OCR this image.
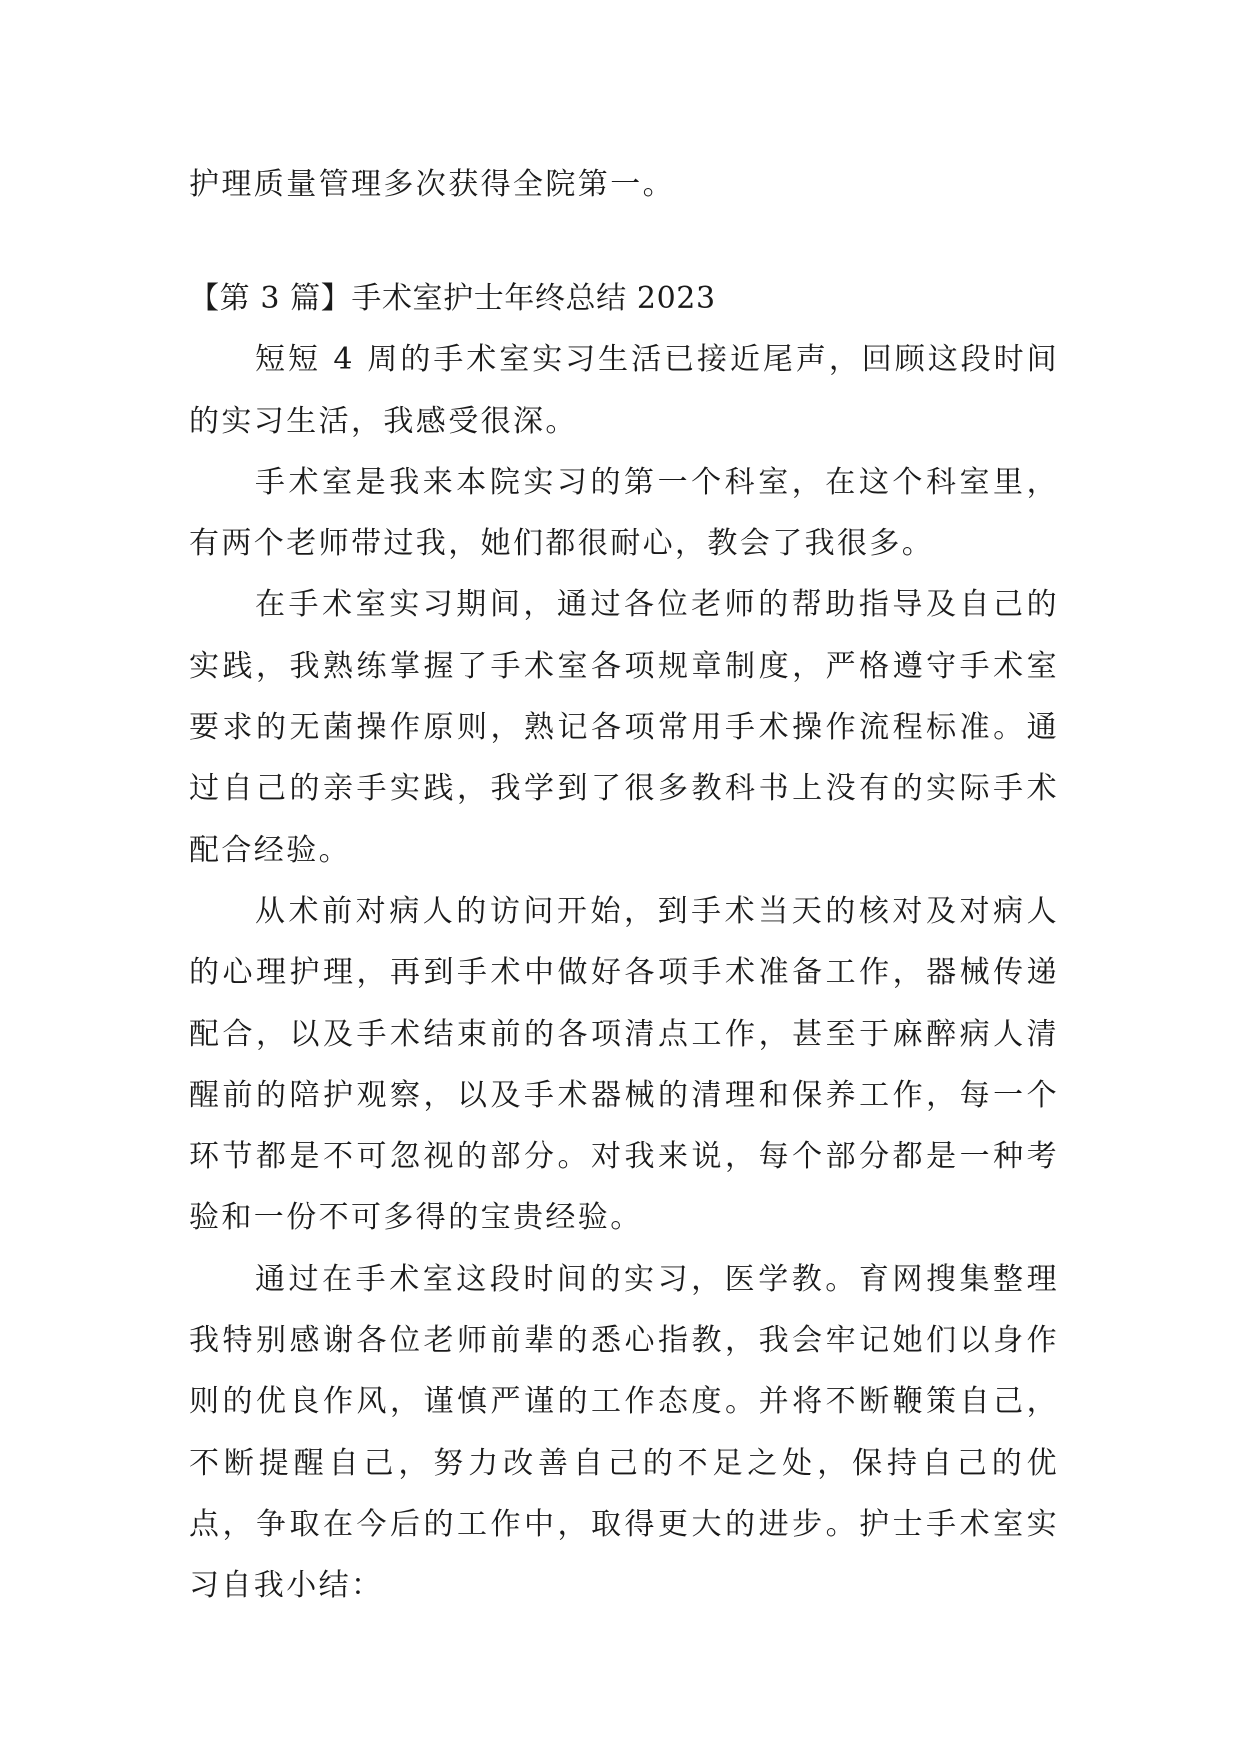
护理质量管理多次获得全院第一。

【第 3 篇】手术室护士年终总结 2023

短短 4 周的手术室实习生活已接近尾声，回顾这段时间的实习生活，我感受很深。

手术室是我来本院实习的第一个科室，在这个科室里，有两个老师带过我，她们都很耐心，教会了我很多。

在手术室实习期间，通过各位老师的帮助指导及自己的实践，我熟练掌握了手术室各项规章制度，严格遵守手术室要求的无菌操作原则，熟记各项常用手术操作流程标准。通过自己的亲手实践，我学到了很多教科书上没有的实际手术配合经验。

从术前对病人的访问开始，到手术当天的核对及对病人的心理护理，再到手术中做好各项手术准备工作，器械传递配合，以及手术结束前的各项清点工作，甚至于麻醉病人清醒前的陪护观察，以及手术器械的清理和保养工作，每一个环节都是不可忽视的部分。对我来说，每个部分都是一种考验和一份不可多得的宝贵经验。

通过在手术室这段时间的实习，医学教。育网搜集整理我特别感谢各位老师前辈的悉心指教，我会牢记她们以身作则的优良作风，谨慎严谨的工作态度。并将不断鞭策自己，不断提醒自己，努力改善自己的不足之处，保持自己的优点，争取在今后的工作中，取得更大的进步。护士手术室实习自我小结：
